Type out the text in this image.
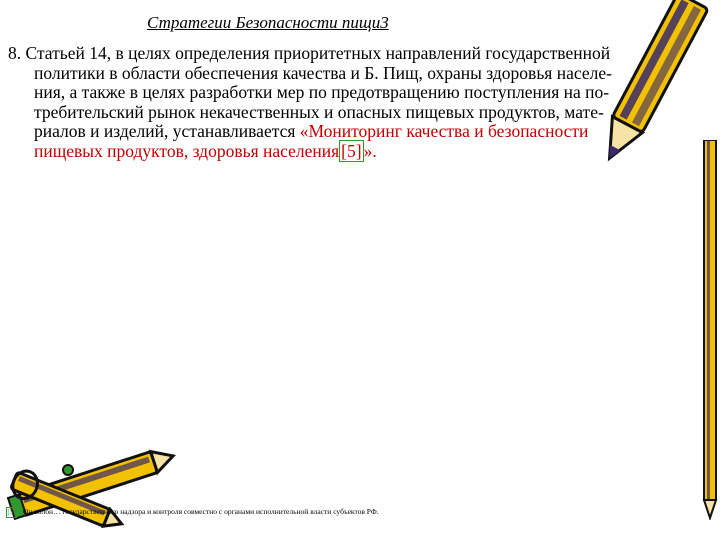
Стратегии Безопасности пищи3
8. Статьей 14, в целях определения приоритетных направлений государственной
политики в области обеспечения качества и Б. Пищ, охраны здоровья населе-
ния, а также в целях разработки мер по предотвращению поступления на по-
требительский рынок некачественных и опасных пищевых продуктов, мате-
риалов и изделий, устанавливается «Мониторинг качества и безопасности
пищевых продуктов, здоровья населения [5] ».
[5] Он волон… государственного надзора и контроля совместно с органами исполнительной власти субъектов РФ.
